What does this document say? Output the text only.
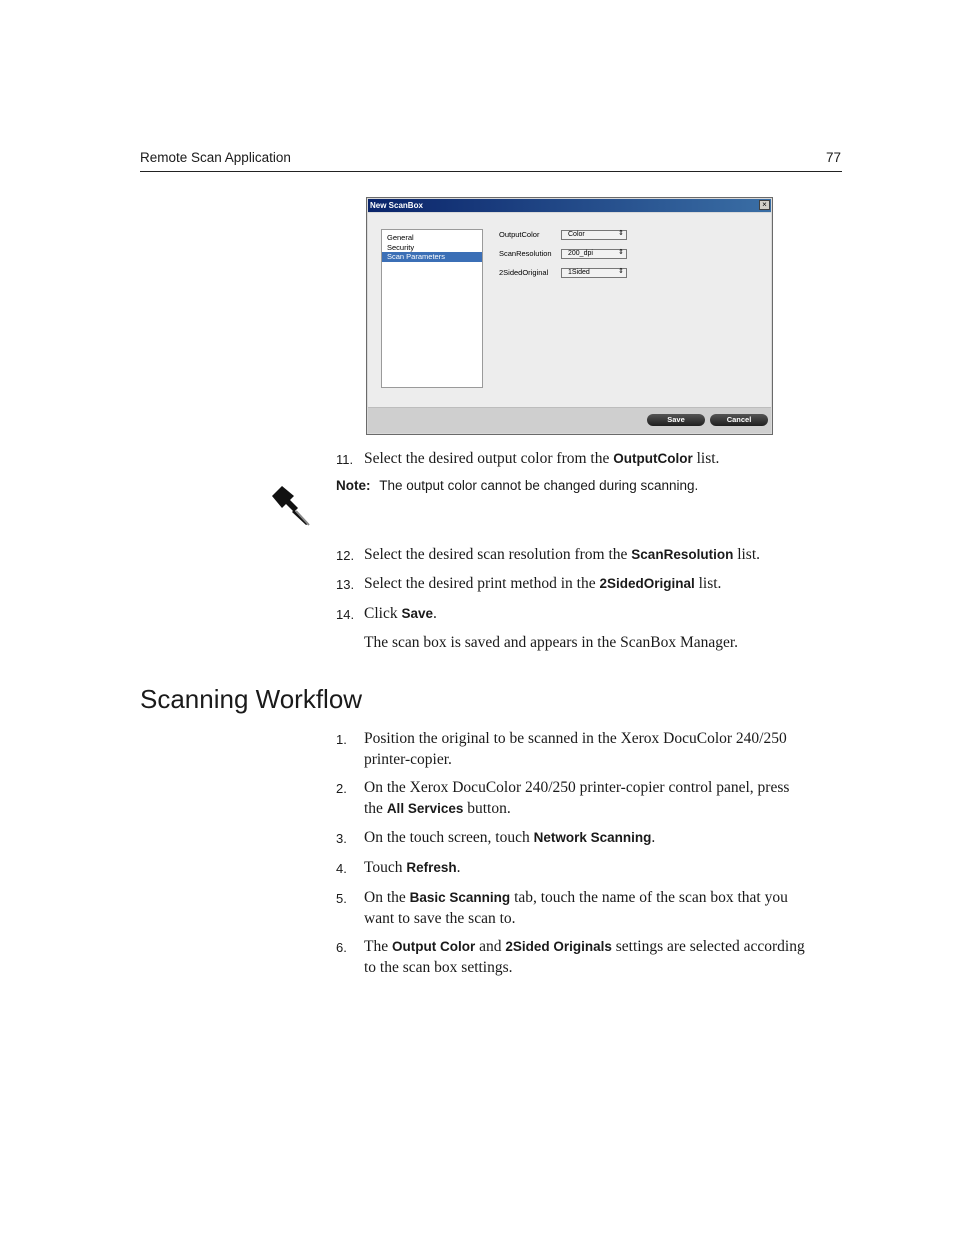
Remote Scan Application	77
New ScanBox	×
General
Security
Scan Parameters
OutputColor	Color	⇕
ScanResolution	200_dpi	⇕
2SidedOriginal	1Sided	⇕
Save	Cancel
11. Select the desired output color from the OutputColor list.
Note: The output color cannot be changed during scanning.
12. Select the desired scan resolution from the ScanResolution list.
13. Select the desired print method in the 2SidedOriginal list.
14. Click Save.
The scan box is saved and appears in the ScanBox Manager.
Scanning Workflow
1. Position the original to be scanned in the Xerox DocuColor 240/250
printer-copier.
2. On the Xerox DocuColor 240/250 printer-copier control panel, press
the All Services button.
3. On the touch screen, touch Network Scanning.
4. Touch Refresh.
5. On the Basic Scanning tab, touch the name of the scan box that you
want to save the scan to.
6. The Output Color and 2Sided Originals settings are selected according
to the scan box settings.
